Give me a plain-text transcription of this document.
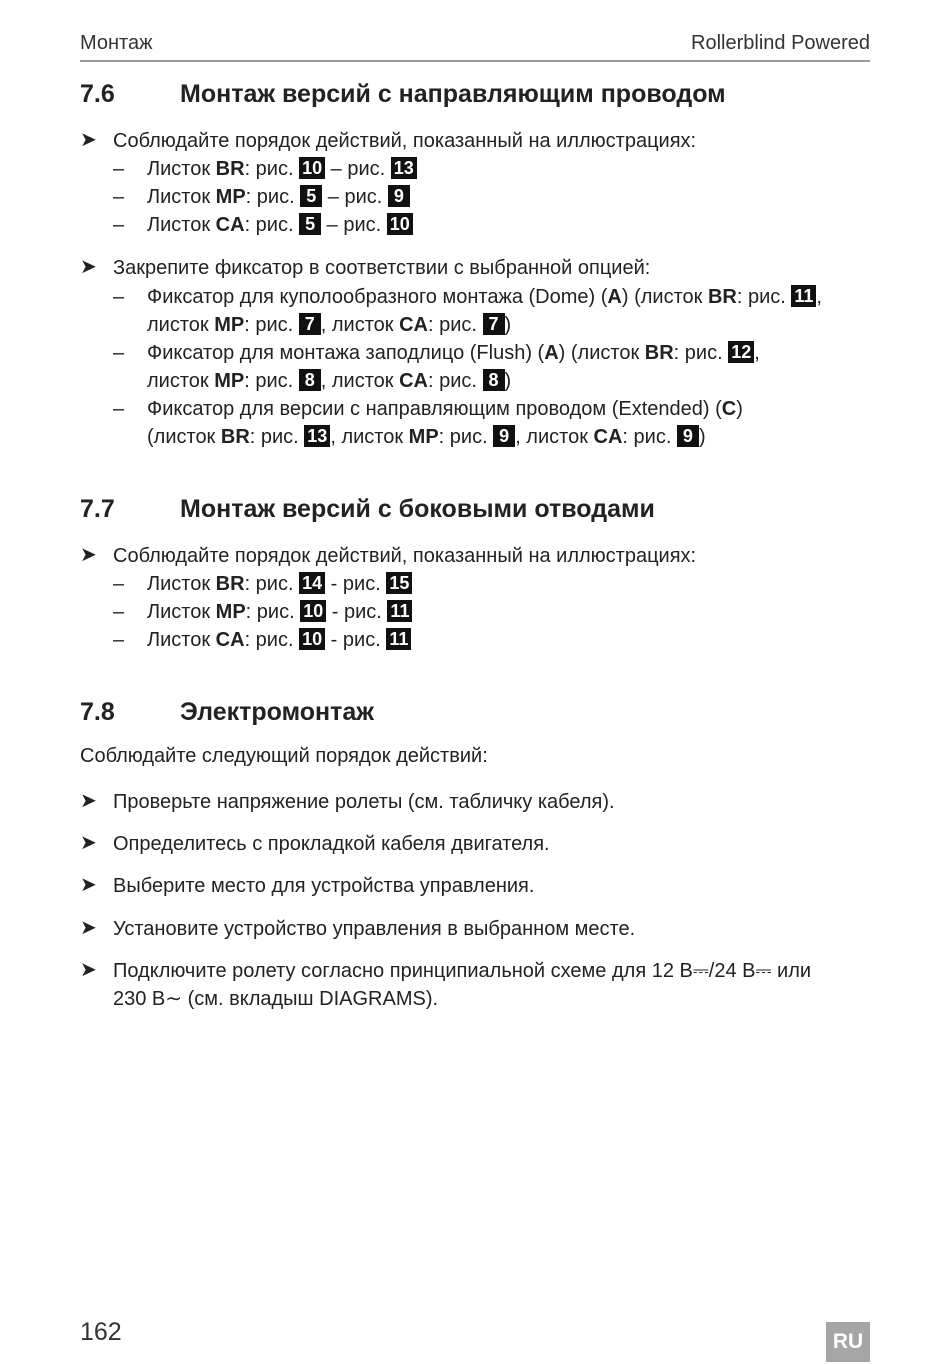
Монтаж	Rollerblind Powered
7.6	Монтаж версий с направляющим проводом
➤ Соблюдайте порядок действий, показанный на иллюстрациях:
– Листок BR: рис. 10 – рис. 13
– Листок MP: рис. 5 – рис. 9
– Листок CA: рис. 5 – рис. 10
➤ Закрепите фиксатор в соответствии с выбранной опцией:
– Фиксатор для куполообразного монтажа (Dome) (A) (листок BR: рис. 11 ,
листок MP: рис. 7 , листок CA: рис. 7 )
– Фиксатор для монтажа заподлицо (Flush) (A) (листок BR: рис. 12 ,
листок MP: рис. 8 , листок CA: рис. 8 )
– Фиксатор для версии с направляющим проводом (Extended) (C)
(листок BR: рис. 13 , листок MP: рис. 9 , листок CA: рис. 9 )
7.7	Монтаж версий с боковыми отводами
➤ Соблюдайте порядок действий, показанный на иллюстрациях:
– Листок BR: рис. 14 - рис. 15
– Листок MP: рис. 10 - рис. 11
– Листок CA: рис. 10 - рис. 11
7.8	Электромонтаж
Соблюдайте следующий порядок действий:
➤ Проверьте напряжение ролеты (см. табличку кабеля).
➤ Определитесь с прокладкой кабеля двигателя.
➤ Выберите место для устройства управления.
➤ Установите устройство управления в выбранном месте.
➤ Подключите ролету согласно принципиальной схеме для 12 В⎓/24 В⎓ или
230 В∼ (см. вкладыш DIAGRAMS).
162	RU
